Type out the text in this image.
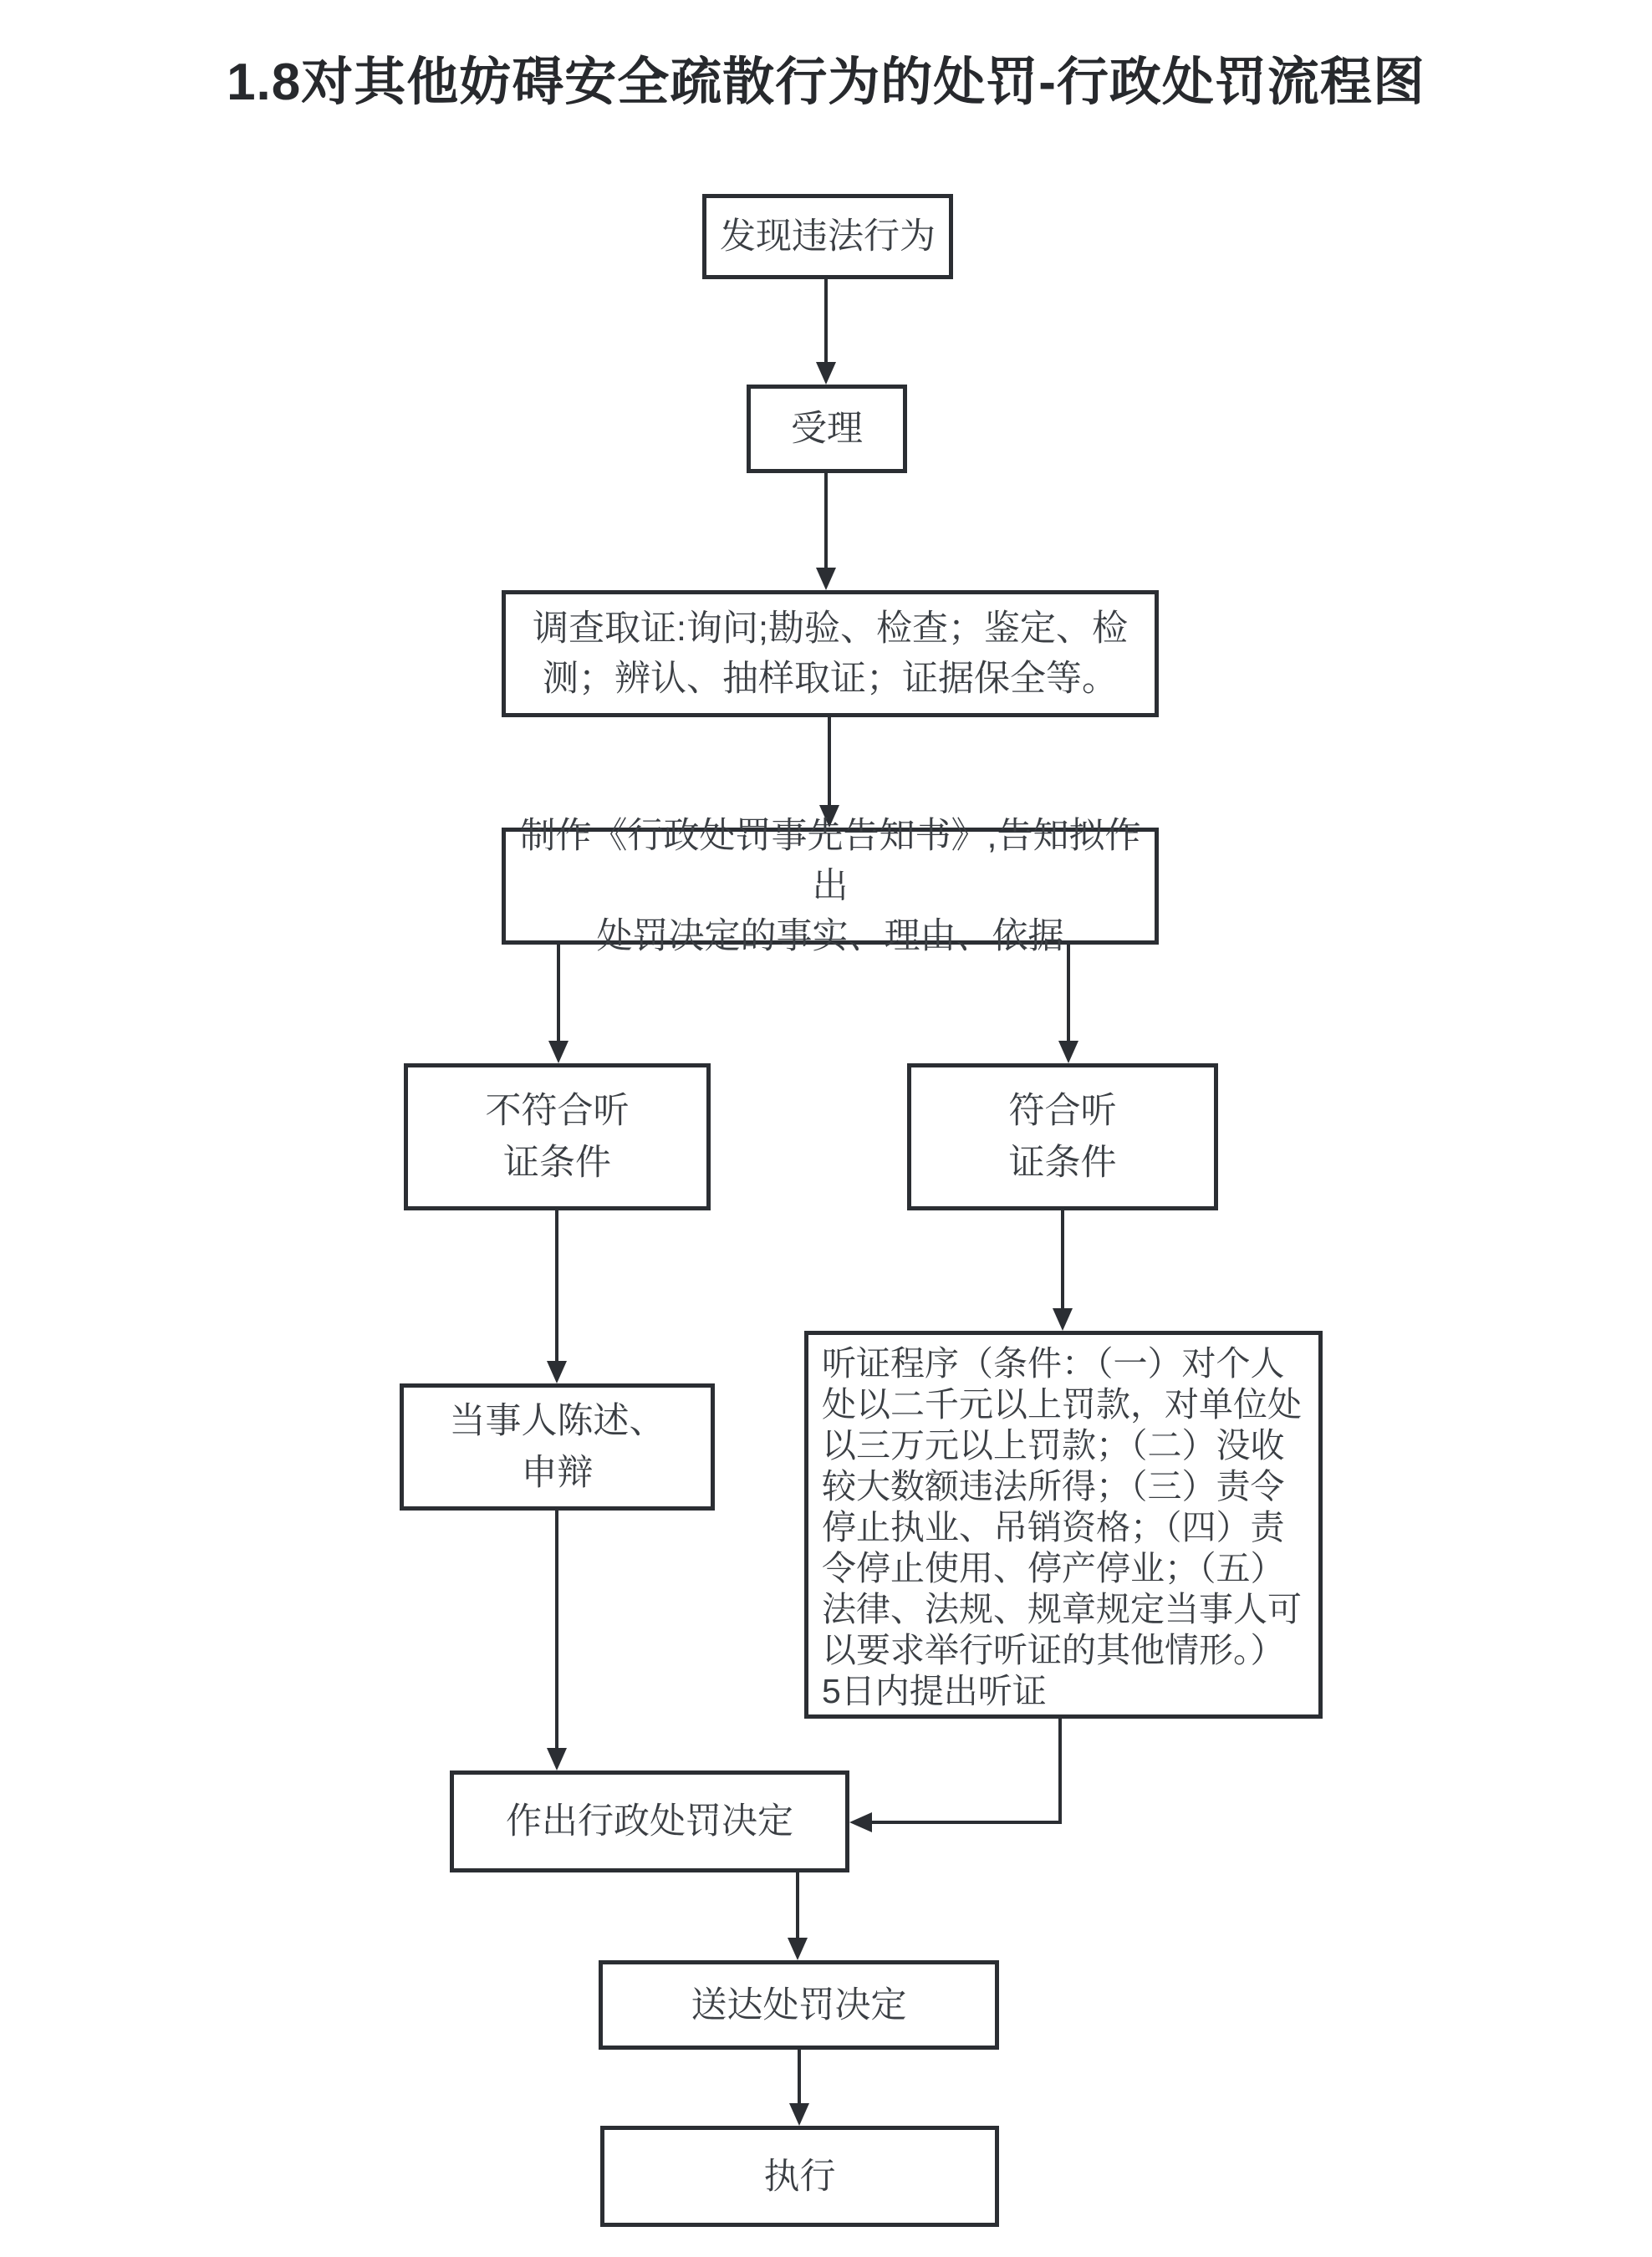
1.8对其他妨碍安全疏散行为的处罚-行政处罚流程图
发现违法行为
受理
调查取证:询问;勘验、检查；鉴定、检
测；辨认、抽样取证；证据保全等。
制作《行政处罚事先告知书》,告知拟作出
处罚决定的事实、理由、依据
不符合听
证条件
符合听
证条件
当事人陈述、
申辩
听证程序（条件：（一）对个人
处以二千元以上罚款，对单位处
以三万元以上罚款；（二）没收
较大数额违法所得；（三）责令
停止执业、吊销资格；（四）责
令停止使用、停产停业；（五）
法律、法规、规章规定当事人可
以要求举行听证的其他情形。）
5日内提出听证
作出行政处罚决定
送达处罚决定
执行
